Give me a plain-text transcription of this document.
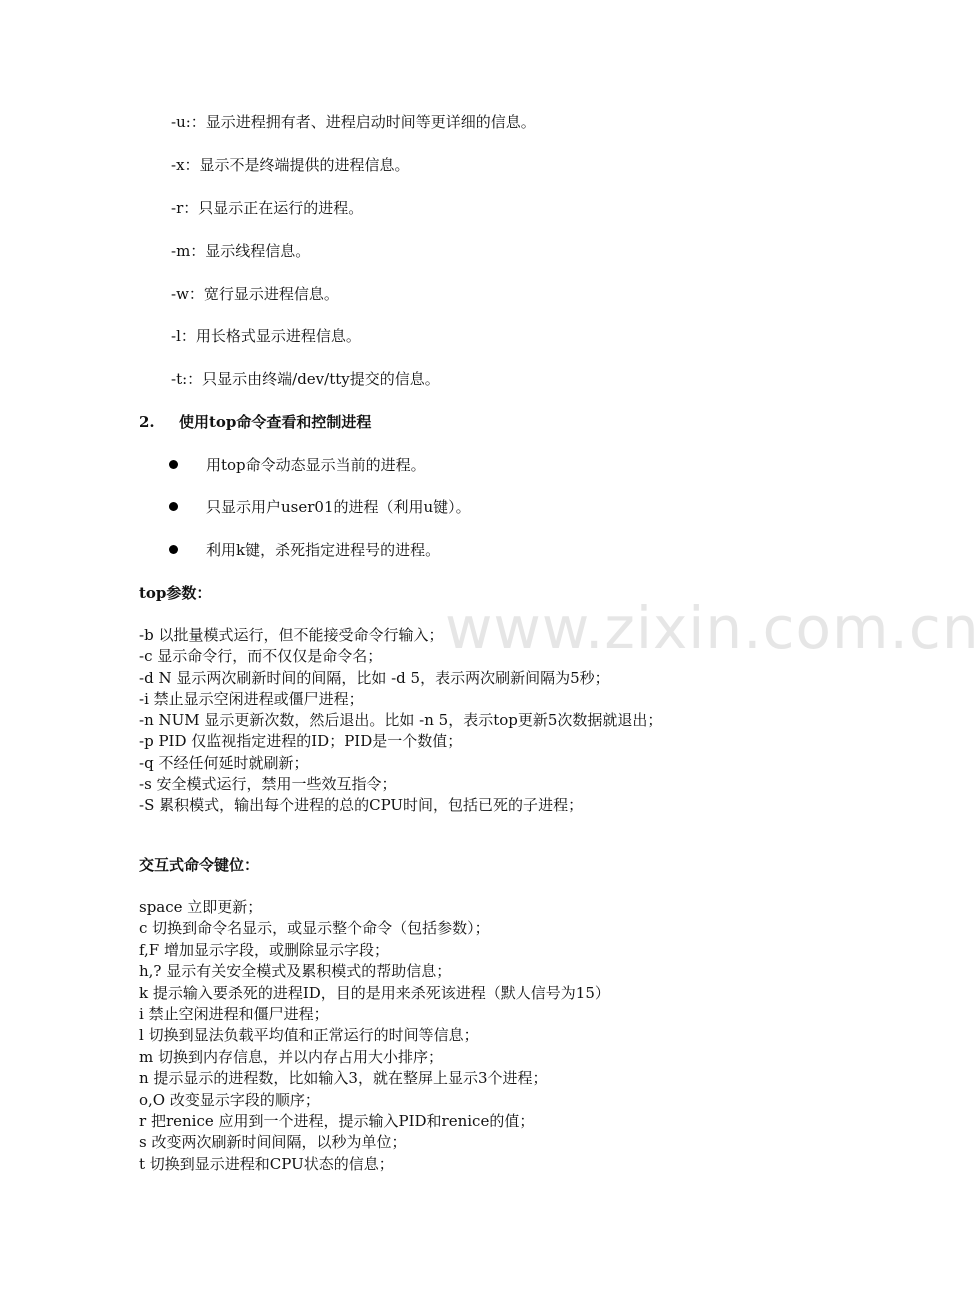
www.zixin.com.cn
-u:：显示进程拥有者、进程启动时间等更详细的信息。
-x：显示不是终端提供的进程信息。
-r：只显示正在运行的进程。
-m：显示线程信息。
-w：宽行显示进程信息。
-l：用长格式显示进程信息。
-t:：只显示由终端/dev/tty提交的信息。
2. 使用top命令查看和控制进程
用top命令动态显示当前的进程。
只显示用户user01的进程（利用u键）。
利用k键，杀死指定进程号的进程。
top参数：
-b 以批量模式运行，但不能接受命令行输入；
-c 显示命令行，而不仅仅是命令名；
-d N 显示两次刷新时间的间隔，比如 -d 5，表示两次刷新间隔为5秒；
-i 禁止显示空闲进程或僵尸进程；
-n NUM 显示更新次数，然后退出。比如 -n 5，表示top更新5次数据就退出；
-p PID 仅监视指定进程的ID；PID是一个数值；
-q 不经任何延时就刷新；
-s 安全模式运行，禁用一些效互指令；
-S 累积模式，输出每个进程的总的CPU时间，包括已死的子进程；
交互式命令键位：
space 立即更新；
c 切换到命令名显示，或显示整个命令（包括参数）；
f,F 增加显示字段，或删除显示字段；
h,? 显示有关安全模式及累积模式的帮助信息；
k 提示输入要杀死的进程ID，目的是用来杀死该进程（默人信号为15）
i 禁止空闲进程和僵尸进程；
l 切换到显法负载平均值和正常运行的时间等信息；
m 切换到内存信息，并以内存占用大小排序；
n 提示显示的进程数，比如输入3，就在整屏上显示3个进程；
o,O 改变显示字段的顺序；
r 把renice 应用到一个进程，提示输入PID和renice的值；
s 改变两次刷新时间间隔，以秒为单位；
t 切换到显示进程和CPU状态的信息；
